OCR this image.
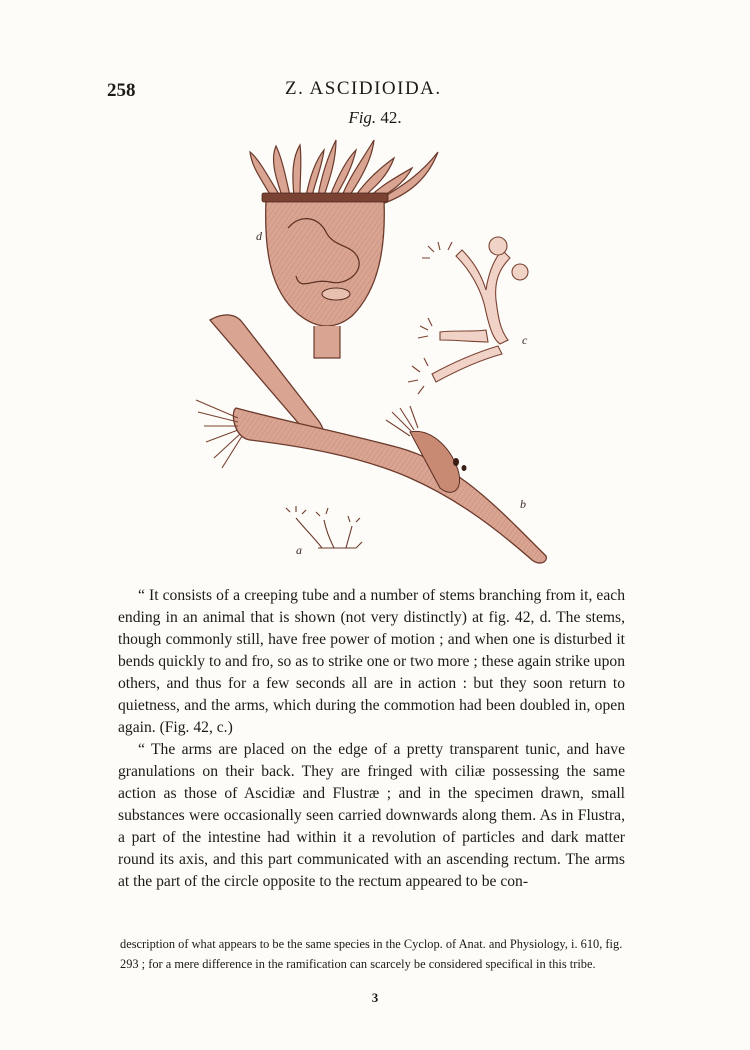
258	Z. ASCIDIOIDA.
Fig. 42.
d
c
b
a

“ It consists of a creeping tube and a number of stems branching from it, each ending in an animal that is shown (not very distinctly) at fig. 42, d. The stems, though commonly still, have free power of motion ; and when one is disturbed it bends quickly to and fro, so as to strike one or two more ; these again strike upon others, and thus for a few seconds all are in action : but they soon return to quietness, and the arms, which during the commotion had been doubled in, open again. (Fig. 42, c.)

“ The arms are placed on the edge of a pretty transparent tunic, and have granulations on their back. They are fringed with ciliæ possessing the same action as those of Ascidiæ and Flustræ ; and in the specimen drawn, small substances were occasionally seen carried downwards along them. As in Flustra, a part of the intestine had within it a revolution of particles and dark matter round its axis, and this part communicated with an ascending rectum. The arms at the part of the circle opposite to the rectum appeared to be con-

description of what appears to be the same species in the Cyclop. of Anat. and Physiology, i. 610, fig. 293 ; for a mere difference in the ramification can scarcely be considered specifical in this tribe.
3
